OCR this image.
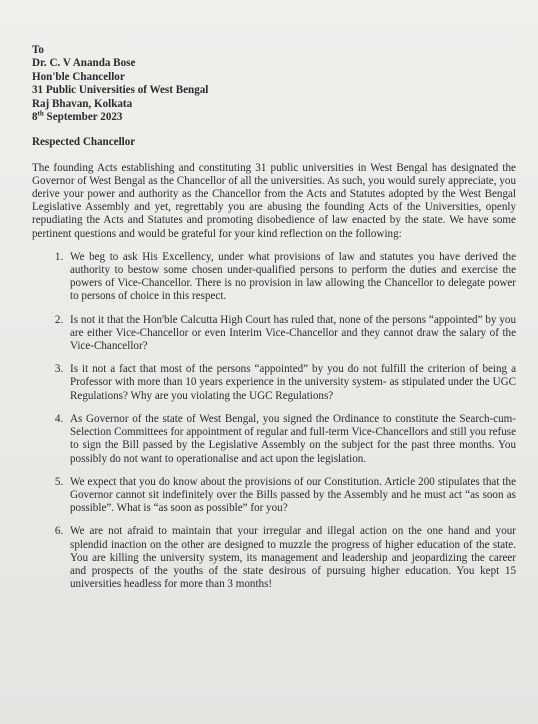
To
Dr. C. V Ananda Bose
Hon'ble Chancellor
31 Public Universities of West Bengal
Raj Bhavan, Kolkata
8th September 2023
Respected Chancellor
The founding Acts establishing and constituting 31 public universities in West Bengal has designated the Governor of West Bengal as the Chancellor of all the universities. As such, you would surely appreciate, you derive your power and authority as the Chancellor from the Acts and Statutes adopted by the West Bengal Legislative Assembly and yet, regrettably you are abusing the founding Acts of the Universities, openly repudiating the Acts and Statutes and promoting disobedience of law enacted by the state. We have some pertinent questions and would be grateful for your kind reflection on the following:
1. We beg to ask His Excellency, under what provisions of law and statutes you have derived the authority to bestow some chosen under-qualified persons to perform the duties and exercise the powers of Vice-Chancellor. There is no provision in law allowing the Chancellor to delegate power to persons of choice in this respect.
2. Is not it that the Hon'ble Calcutta High Court has ruled that, none of the persons “appointed” by you are either Vice-Chancellor or even Interim Vice-Chancellor and they cannot draw the salary of the Vice-Chancellor?
3. Is it not a fact that most of the persons “appointed” by you do not fulfill the criterion of being a Professor with more than 10 years experience in the university system- as stipulated under the UGC Regulations? Why are you violating the UGC Regulations?
4. As Governor of the state of West Bengal, you signed the Ordinance to constitute the Search-cum-Selection Committees for appointment of regular and full-term Vice-Chancellors and still you refuse to sign the Bill passed by the Legislative Assembly on the subject for the past three months. You possibly do not want to operationalise and act upon the legislation.
5. We expect that you do know about the provisions of our Constitution. Article 200 stipulates that the Governor cannot sit indefinitely over the Bills passed by the Assembly and he must act “as soon as possible”. What is “as soon as possible” for you?
6. We are not afraid to maintain that your irregular and illegal action on the one hand and your splendid inaction on the other are designed to muzzle the progress of higher education of the state. You are killing the university system, its management and leadership and jeopardizing the career and prospects of the youths of the state desirous of pursuing higher education. You kept 15 universities headless for more than 3 months!
